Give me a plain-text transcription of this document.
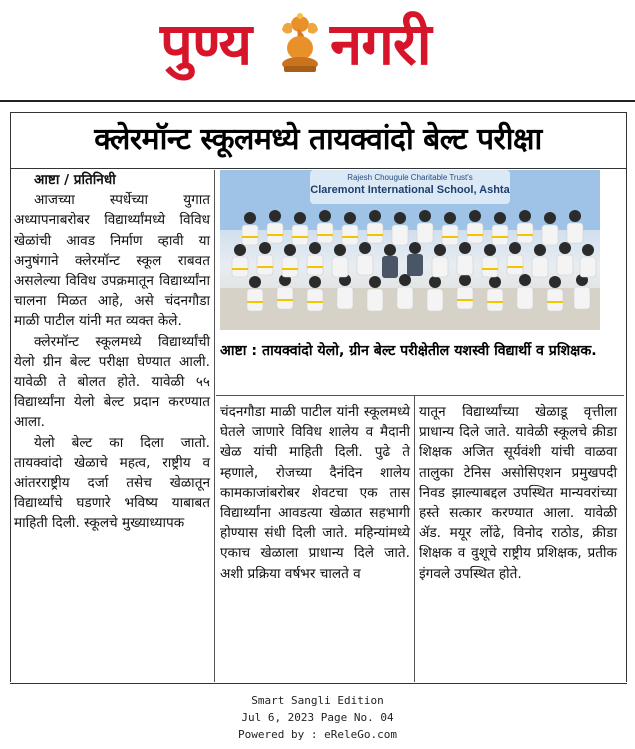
पुण्य नगरी
क्लेरमॉन्ट स्कूलमध्ये तायक्वांदो बेल्ट परीक्षा

आष्टा / प्रतिनिधी

आजच्या स्पर्धेच्या युगात अध्यापनाबरोबर विद्यार्थ्यांमध्ये विविध खेळांची आवड निर्माण व्हावी या अनुषंगाने क्लेरमॉन्ट स्कूल राबवत असलेल्या विविध उपक्रमातून विद्यार्थ्यांना चालना मिळत आहे, असे चंदनगौडा माळी पाटील यांनी मत व्यक्त केले.

क्लेरमॉन्ट स्कूलमध्ये विद्यार्थ्यांची येलो ग्रीन बेल्ट परीक्षा घेण्यात आली. यावेळी ते बोलत होते. यावेळी ५५ विद्यार्थ्यांना येलो बेल्ट प्रदान करण्यात आला.

येलो बेल्ट का दिला जातो. तायक्वांदो खेळाचे महत्व, राष्ट्रीय व आंतरराष्ट्रीय दर्जा तसेच खेळातून विद्यार्थ्यांचे घडणारे भविष्य याबाबत माहिती दिली. स्कूलचे मुख्याध्यापक

Rajesh Chougule Charitable Trust's
Claremont International School, Ashta
आष्टा : तायक्वांदो येलो, ग्रीन बेल्ट परीक्षेतील यशस्वी विद्यार्थी व प्रशिक्षक.

चंदनगौडा माळी पाटील यांनी स्कूलमध्ये घेतले जाणारे विविध शालेय व मैदानी खेळ यांची माहिती दिली. पुढे ते म्हणाले, रोजच्या दैनंदिन शालेय कामकाजांबरोबर शेवटचा एक तास विद्यार्थ्यांना आवडत्या खेळात सहभागी होण्यास संधी दिली जाते. महिन्यांमध्ये एकाच खेळाला प्राधान्य दिले जाते. अशी प्रक्रिया वर्षभर चालते व

यातून विद्यार्थ्यांच्या खेळाडू वृत्तीला प्राधान्य दिले जाते. यावेळी स्कूलचे क्रीडा शिक्षक अजित सूर्यवंशी यांची वाळवा तालुका टेनिस असोसिएशन प्रमुखपदी निवड झाल्याबद्दल उपस्थित मान्यवरांच्या हस्ते सत्कार करण्यात आला. यावेळी ॲड. मयूर लोंढे, विनोद राठोड, क्रीडा शिक्षक व वुशूचे राष्ट्रीय प्रशिक्षक, प्रतीक इंगवले उपस्थित होते.

Smart Sangli Edition
Jul 6, 2023 Page No. 04
Powered by : eReleGo.com
